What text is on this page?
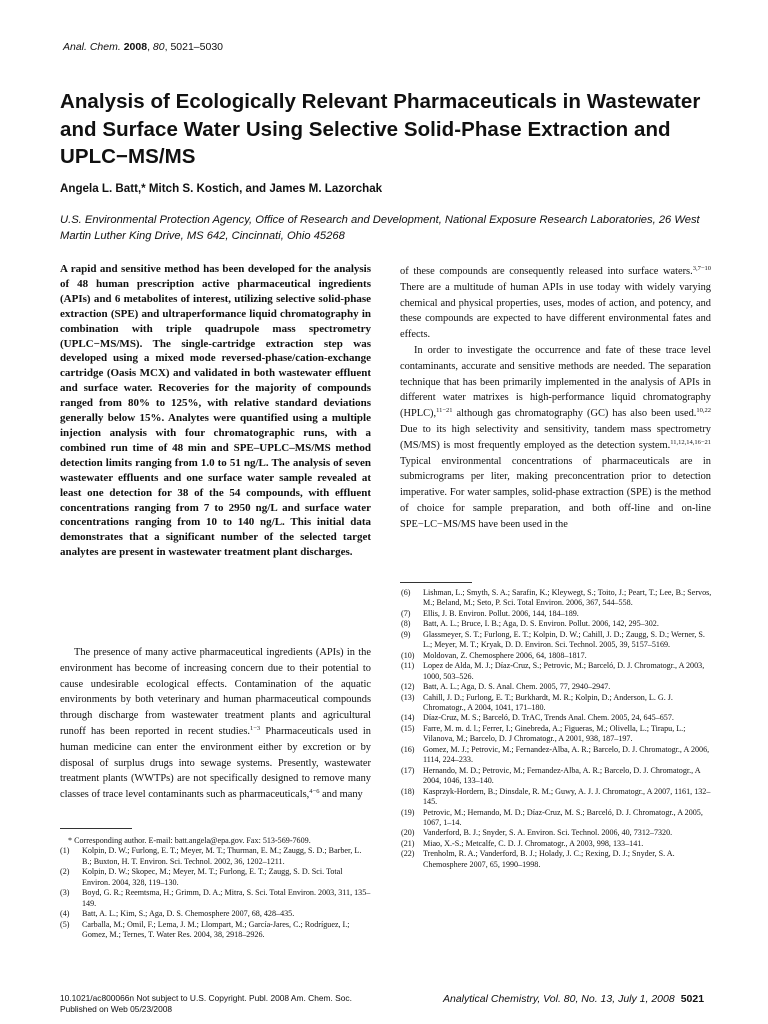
Anal. Chem. 2008, 80, 5021–5030
Analysis of Ecologically Relevant Pharmaceuticals in Wastewater and Surface Water Using Selective Solid-Phase Extraction and UPLC−MS/MS
Angela L. Batt,* Mitch S. Kostich, and James M. Lazorchak
U.S. Environmental Protection Agency, Office of Research and Development, National Exposure Research Laboratories, 26 West Martin Luther King Drive, MS 642, Cincinnati, Ohio 45268

A rapid and sensitive method has been developed for the analysis of 48 human prescription active pharmaceutical ingredients (APIs) and 6 metabolites of interest, utilizing selective solid-phase extraction (SPE) and ultraperformance liquid chromatography in combination with triple quadrupole mass spectrometry (UPLC−MS/MS). The single-cartridge extraction step was developed using a mixed mode reversed-phase/cation-exchange cartridge (Oasis MCX) and validated in both wastewater effluent and surface water. Recoveries for the majority of compounds ranged from 80% to 125%, with relative standard deviations generally below 15%. Analytes were quantified using a multiple injection analysis with four chromatographic runs, with a combined run time of 48 min and SPE–UPLC–MS/MS method detection limits ranging from 1.0 to 51 ng/L. The analysis of seven wastewater effluents and one surface water sample revealed at least one detection for 38 of the 54 compounds, with effluent concentrations ranging from 7 to 2950 ng/L and surface water concentrations ranging from 10 to 140 ng/L. This initial data demonstrates that a significant number of the selected target analytes are present in wastewater treatment plant discharges.

The presence of many active pharmaceutical ingredients (APIs) in the environment has become of increasing concern due to their potential to cause undesirable ecological effects. Contamination of the aquatic environments by both veterinary and human pharmaceutical compounds through discharge from wastewater treatment plants and agricultural runoff has been reported in recent studies.$^{1-3}$ Pharmaceuticals used in human medicine can enter the environment either by excretion or by disposal of surplus drugs into sewage systems. Presently, wastewater treatment plants (WWTPs) are not specifically designed to remove many classes of trace level contaminants such as pharmaceuticals,$^{4-6}$ and many

of these compounds are consequently released into surface waters.$^{3,7-10}$ There are a multitude of human APIs in use today with widely varying chemical and physical properties, uses, modes of action, and potency, and these compounds are expected to have different environmental fates and effects.

In order to investigate the occurrence and fate of these trace level contaminants, accurate and sensitive methods are needed. The separation technique that has been primarily implemented in the analysis of APIs in different water matrixes is high-performance liquid chromatography (HPLC),$^{11-21}$ although gas chromatography (GC) has also been used.$^{10,22}$ Due to its high selectivity and sensitivity, tandem mass spectrometry (MS/MS) is most frequently employed as the detection system.$^{11,12,14,16-21}$ Typical environmental concentrations of pharmaceuticals are in submicrograms per liter, making preconcentration prior to detection imperative. For water samples, solid-phase extraction (SPE) is the method of choice for sample preparation, and both off-line and on-line SPE−LC−MS/MS have been used in the

* Corresponding author. E-mail: batt.angela@epa.gov. Fax: 513-569-7609.
(1) Kolpin, D. W.; Furlong, E. T.; Meyer, M. T.; Thurman, E. M.; Zaugg, S. D.; Barber, L. B.; Buxton, H. T. Environ. Sci. Technol. 2002, 36, 1202–1211.
(2) Kolpin, D. W.; Skopec, M.; Meyer, M. T.; Furlong, E. T.; Zaugg, S. D. Sci. Total Environ. 2004, 328, 119–130.
(3) Boyd, G. R.; Reemtsma, H.; Grimm, D. A.; Mitra, S. Sci. Total Environ. 2003, 311, 135–149.
(4) Batt, A. L.; Kim, S.; Aga, D. S. Chemosphere 2007, 68, 428–435.
(5) Carballa, M.; Omil, F.; Lema, J. M.; Llompart, M.; García-Jares, C.; Rodríguez, I.; Gomez, M.; Ternes, T. Water Res. 2004, 38, 2918–2926.
(6) Lishman, L.; Smyth, S. A.; Sarafin, K.; Kleywegt, S.; Toito, J.; Peart, T.; Lee, B.; Servos, M.; Beland, M.; Seto, P. Sci. Total Environ. 2006, 367, 544–558.
(7) Ellis, J. B. Environ. Pollut. 2006, 144, 184–189.
(8) Batt, A. L.; Bruce, I. B.; Aga, D. S. Environ. Pollut. 2006, 142, 295–302.
(9) Glassmeyer, S. T.; Furlong, E. T.; Kolpin, D. W.; Cahill, J. D.; Zaugg, S. D.; Werner, S. L.; Meyer, M. T.; Kryak, D. D. Environ. Sci. Technol. 2005, 39, 5157–5169.
(10) Moldovan, Z. Chemosphere 2006, 64, 1808–1817.
(11) Lopez de Alda, M. J.; Díaz-Cruz, S.; Petrovic, M.; Barceló, D. J. Chromatogr., A 2003, 1000, 503–526.
(12) Batt, A. L.; Aga, D. S. Anal. Chem. 2005, 77, 2940–2947.
(13) Cahill, J. D.; Furlong, E. T.; Burkhardt, M. R.; Kolpin, D.; Anderson, L. G. J. Chromatogr., A 2004, 1041, 171–180.
(14) Díaz-Cruz, M. S.; Barceló, D. TrAC, Trends Anal. Chem. 2005, 24, 645–657.
(15) Farre, M. m. d. l.; Ferrer, I.; Ginebreda, A.; Figueras, M.; Olivella, L.; Tirapu, L.; Vilanova, M.; Barcelo, D. J Chromatogr., A 2001, 938, 187–197.
(16) Gomez, M. J.; Petrovic, M.; Fernandez-Alba, A. R.; Barcelo, D. J. Chromatogr., A 2006, 1114, 224–233.
(17) Hernando, M. D.; Petrovic, M.; Fernandez-Alba, A. R.; Barcelo, D. J. Chromatogr., A 2004, 1046, 133–140.
(18) Kasprzyk-Hordern, B.; Dinsdale, R. M.; Guwy, A. J. J. Chromatogr., A 2007, 1161, 132–145.
(19) Petrovic, M.; Hernando, M. D.; Díaz-Cruz, M. S.; Barceló, D. J. Chromatogr., A 2005, 1067, 1–14.
(20) Vanderford, B. J.; Snyder, S. A. Environ. Sci. Technol. 2006, 40, 7312–7320.
(21) Miao, X.-S.; Metcalfe, C. D. J. Chromatogr., A 2003, 998, 133–141.
(22) Trenholm, R. A.; Vanderford, B. J.; Holady, J. C.; Rexing, D. J.; Snyder, S. A. Chemosphere 2007, 65, 1990–1998.
10.1021/ac800066n Not subject to U.S. Copyright. Publ. 2008 Am. Chem. Soc.
Published on Web 05/23/2008
Analytical Chemistry, Vol. 80, No. 13, July 1, 2008 5021
